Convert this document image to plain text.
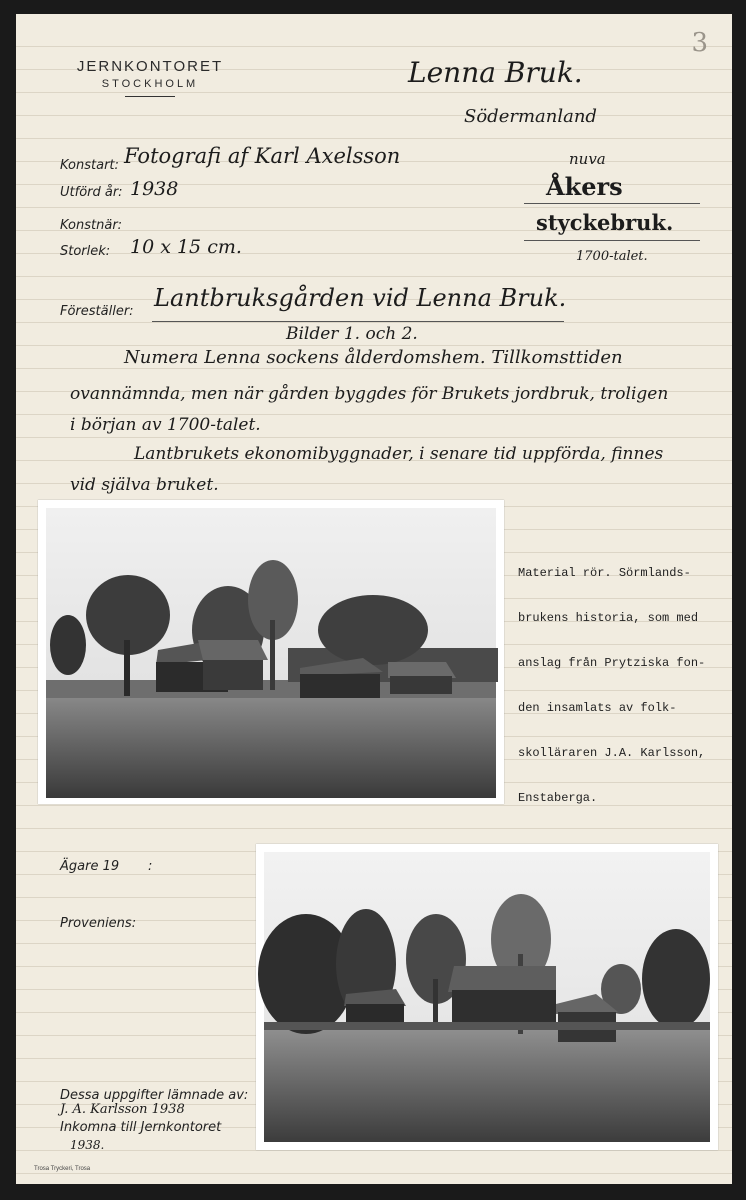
JERNKONTORET
STOCKHOLM
3
Lenna Bruk.
Södermanland
nuva
Åkers
styckebruk.
1700-talet.
Konstart: Fotografi af Karl Axelsson
Utförd år: 1938
Konstnär:
Storlek: 10 x 15 cm.
Föreställer: Lantbruksgården vid Lenna Bruk.
Bilder 1. och 2.
Numera Lenna sockens ålderdomshem. Tillkomsttiden
ovannämnda, men när gården byggdes för Brukets jordbruk, troligen
i början av 1700-talet.
Lantbrukets ekonomibyggnader, i senare tid uppförda, finnes
vid själva bruket.

Material rör. Sörmlands-

brukens historia, som med

anslag från Prytziska fon-

den insamlats av folk-

skolläraren J.A. Karlsson,

Enstaberga.

Ägare 19 :
Proveniens:
Dessa uppgifter lämnade av:
J. A. Karlsson 1938
Inkomna till Jernkontoret
1938.
Trosa Tryckeri, Trosa
